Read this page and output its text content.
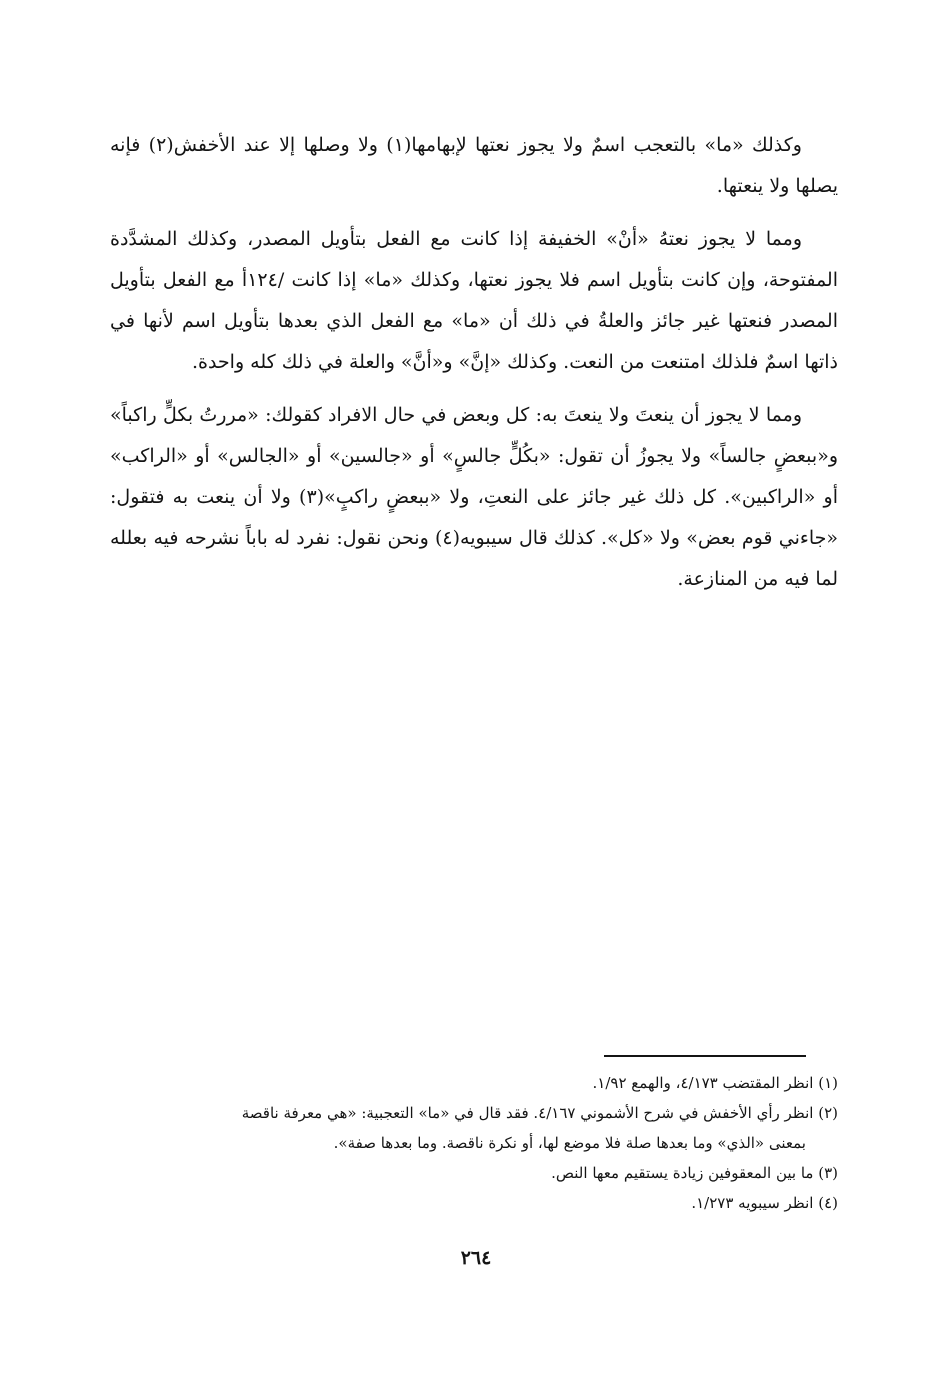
وكذلك «ما» بالتعجب اسمٌ ولا يجوز نعتها لإبهامها(١) ولا وصلها إلا عند الأخفش(٢) فإنه يصلها ولا ينعتها.

ومما لا يجوز نعتهُ «أنْ» الخفيفة إذا كانت مع الفعل بتأويل المصدر، وكذلك المشدَّدة المفتوحة، وإن كانت بتأويل اسم فلا يجوز نعتها، وكذلك «ما» إذا كانت /١٢٤أ مع الفعل بتأويل المصدر فنعتها غير جائز والعلةُ في ذلك أن «ما» مع الفعل الذي بعدها بتأويل اسم لأنها في ذاتها اسمٌ فلذلك امتنعت من النعت. وكذلك «إنَّ» و«أنَّ» والعلة في ذلك كله واحدة.

ومما لا يجوز أن ينعتَ ولا ينعتَ به: كل وبعض في حال الافراد كقولك: «مررتُ بكلٍّ راكباً» و«ببعضٍ جالساً» ولا يجوزُ أن تقول: «بكُلٍّ جالسٍ» أو «جالسين» أو «الجالس» أو «الراكب» أو «الراكبين». كل ذلك غير جائز على النعتِ، ولا «ببعضٍ راكبٍ»(٣) ولا أن ينعت به فتقول: «جاءني قوم بعض» ولا «كل». كذلك قال سيبويه(٤) ونحن نقول: نفرد له باباً نشرحه فيه بعلله لما فيه من المنازعة.

(١) انظر المقتضب ٤/١٧٣، والهمع ١/٩٢.

(٢) انظر رأي الأخفش في شرح الأشموني ٤/١٦٧. فقد قال في «ما» التعجبية: «هي معرفة ناقصة

بمعنى «الذي» وما بعدها صلة فلا موضع لها، أو نكرة ناقصة. وما بعدها صفة».

(٣) ما بين المعقوفين زيادة يستقيم معها النص.

(٤) انظر سيبويه ١/٢٧٣.

٢٦٤
